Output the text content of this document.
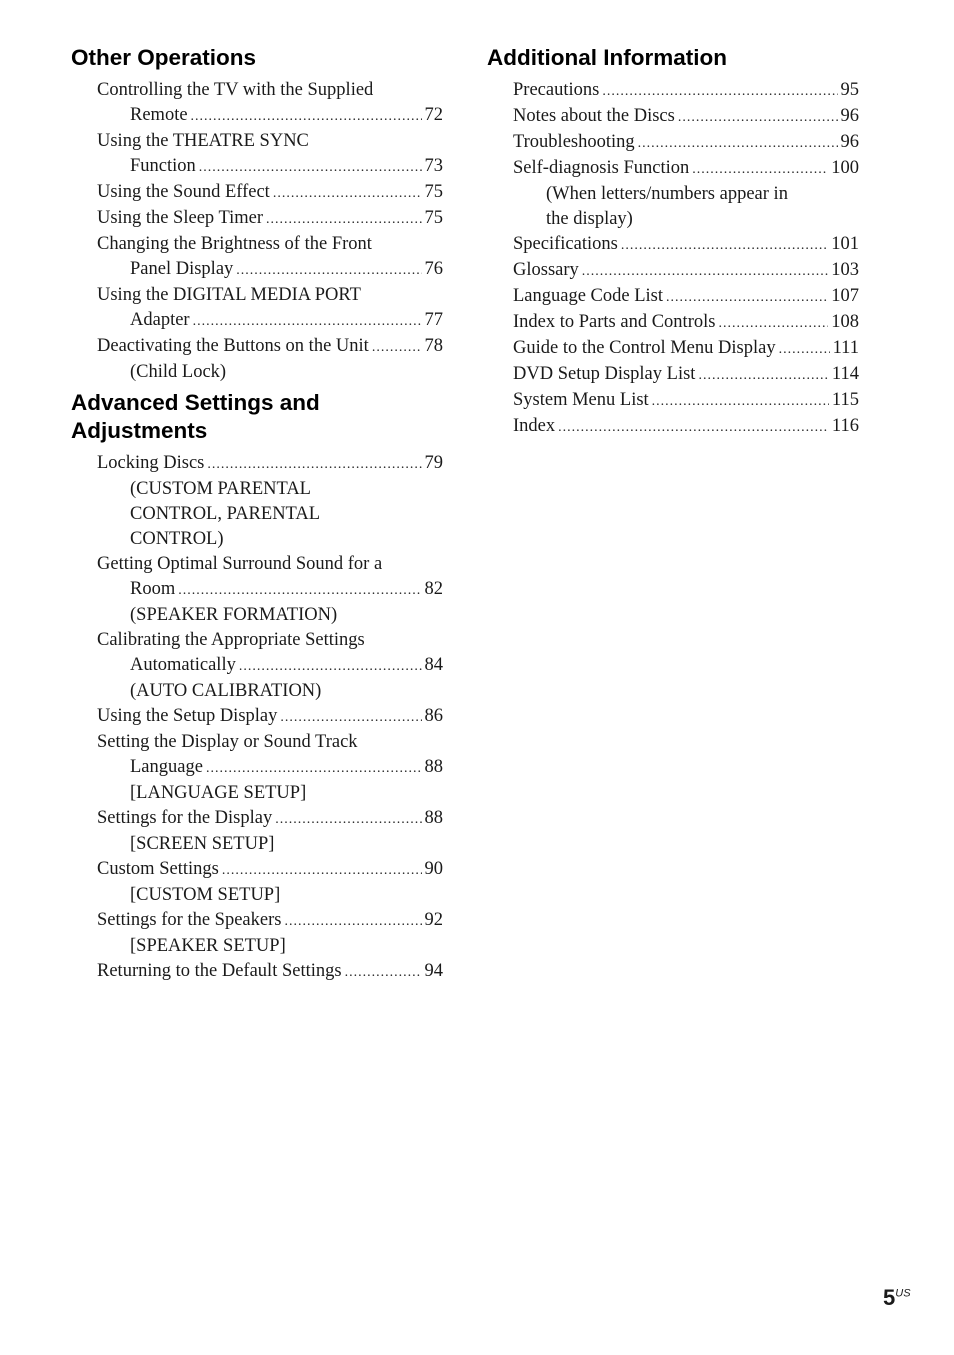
Other Operations
Controlling the TV with the Supplied
Remote .....	72
Using the THEATRE SYNC
Function .....	73
Using the Sound Effect .....	75
Using the Sleep Timer .....	75
Changing the Brightness of the Front
Panel Display .....	76
Using the DIGITAL MEDIA PORT
Adapter .....	77
Deactivating the Buttons on the Unit .....	78
(Child Lock)
Advanced Settings and
Adjustments
Locking Discs .....	79
(CUSTOM PARENTAL
CONTROL, PARENTAL
CONTROL)
Getting Optimal Surround Sound for a
Room .....	82
(SPEAKER FORMATION)
Calibrating the Appropriate Settings
Automatically .....	84
(AUTO CALIBRATION)
Using the Setup Display .....	86
Setting the Display or Sound Track
Language .....	88
[LANGUAGE SETUP]
Settings for the Display .....	88
[SCREEN SETUP]
Custom Settings .....	90
[CUSTOM SETUP]
Settings for the Speakers .....	92
[SPEAKER SETUP]
Returning to the Default Settings .....	94
Additional Information
Precautions .....	95
Notes about the Discs .....	96
Troubleshooting .....	96
Self-diagnosis Function .....	100
(When letters/numbers appear in
the display)
Specifications .....	101
Glossary .....	103
Language Code List .....	107
Index to Parts and Controls .....	108
Guide to the Control Menu Display .....	111
DVD Setup Display List .....	114
System Menu List .....	115
Index .....	116
$5^{US}$
